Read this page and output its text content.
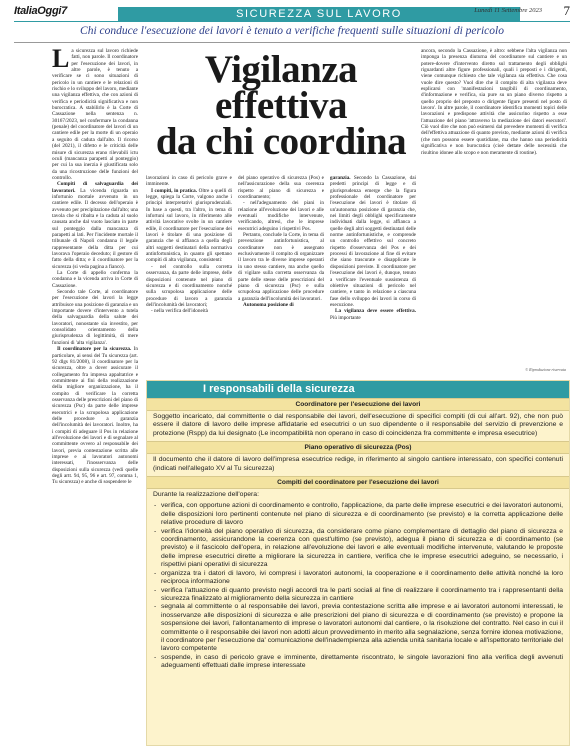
ItaliaOggi7	SICUREZZA SUL LAVORO	Lunedì 11 Settembre 2023 7
Chi conduce l'esecuzione dei lavori è tenuto a verifiche frequenti sulle situazioni di pericolo

La sicurezza sul lavoro richiede fatti, non parole. Il coordinatore per l'esecuzione dei lavori, in altre parole, è tenuto a verificare se ci sono situazioni di pericolo in un cantiere e le relazioni di rischio e lo sviluppo del lavoro, mediante una vigilanza effettiva, che con azioni di verifica e periodicità significativa e non burocratica. A stabilirlo è la Corte di Cassazione nella sentenza n. 30167/2023, nel confermare la condanna (penale) del coordinatore del lavori di un cantiere edile per la morte di un operaio a seguito di caduta dall'alto. Il ricorso (del 2021), il difetto e le criticità delle misure di sicurezza erano rilevabili ictu oculi (mancanza parapetti al ponteggio) per cui la sua inerzia è giustificata solo da una ricostruzione delle funzioni del controllo.

Compiti di salvaguardia dei lavoratori. La vicenda riguarda un infortunio mortale avvenuto in un cantiere edile. Il decesso dell'operaio è avvenuto per precipitazione dall'alto; una tavola che si ribalta e la caduta al suolo causata anche dal vuoto lasciato in parte sul ponteggio dalla mancanza di parapetti ai lati. Per l'incidente mortale il tribunale di Napoli condanna il legale rappresentante della ditta per cui lavorava l'operaio deceduto; il gestore di fatto della ditta; e il coordinatore per la sicurezza (si veda pagina a fianco).

La Corte di appello conferma la condanna e la vicenda arriva in Corte di Cassazione.

Secondo tale Corte, al coordinatore per l'esecuzione dei lavori la legge attribuisce una posizione di garanzia e un importante dovere d'intervento a tutela della salvaguardia della salute dei lavoratori, nonostante sia investito, per consolidato orientamento della giurisprudenza di legittimità, di mere funzioni di 'alta vigilanza'.

Il coordinatore per la sicurezza. In particolare, ai sensi del Tu sicurezza (art. 92 dlgs 81/2008), il coordinatore per la sicurezza, oltre a dover assicurare il collegamento fra impresa appaltatrice e committente ai fini della realizzazione della migliore organizzazione, ha il compito di verificare la corretta osservanza delle prescrizioni del piano di sicurezza (Psc) da parte delle imprese esecutrici e la scrupolosa applicazione delle procedure a garanzia dell'incolumità dei lavoratori. Inoltre, ha i compiti di adeguare il Pos in relazione all'evoluzione dei lavori e di segnalare al committente ovvero al responsabile dei lavori, previa contestazione scritta alle imprese e ai lavoratori autonomi interessati, l'inosservanza delle disposizioni sulla sicurezza (vedi quelle degli artt. 94, 95, 96 e art. 97, comma 1, Tu sicurezza) e anche di sospendere le

Vigilanza effettiva
da chi coordina

lavorazioni in caso di pericolo grave e imminente.

I compiti, in pratica. Oltre a quelli di legge, spiega la Corte, valgono anche i principi interpretativi giurisprudenziali. In base a questi, tra l'altro, in tema di infortuni sul lavoro, in riferimento alle attività lavorative svolte in un cantiere edile, il coordinatore per l'esecuzione dei lavori è titolare di una posizione di garanzia che si affianca a quella degli altri soggetti destinatari della normativa antinfortunistica, in quanto gli spettano compiti di alta vigilanza, consistenti:

- nel controllo sulla corretta osservanza, da parte delle imprese, delle disposizioni contenute nel piano di sicurezza e di coordinamento nonché sulla scrupolosa applicazione delle procedure di lavoro a garanzia dell'incolumità dei lavoratori;

- nella verifica dell'idoneità

del piano operativo di sicurezza (Pos) e nell'assicurazione della sua coerenza rispetto al piano di sicurezza e coordinamento;

- nell'adeguamento dei piani in relazione all'evoluzione dei lavori e alle eventuali modifiche intervenute, verificando, altresì, che le imprese esecutrici adeguino i rispettivi Pos.

Pertanto, conclude la Corte, in tema di prevenzione antinfortunistica, al coordinatore non è assegnato esclusivamente il compito di organizzare il lavoro tra le diverse imprese operanti in uno stesso cantiere, ma anche quello di vigilare sulla corretta osservanza da parte delle stesse delle prescrizioni del piano di sicurezza (Psc) e sulla scrupolosa applicazione delle procedure a garanzia dell'incolumità dei lavoratori.

Autonoma posizione di

garanzia. Secondo la Cassazione, dai predetti principi di legge e di giurisprudenza emerge che la figura professionale del coordinatore per l'esecuzione dei lavori è titolare di un'autonoma posizione di garanzia che, nei limiti degli obblighi specificamente individuati dalla legge, si affianca a quelle degli altri soggetti destinatari delle norme antinfortunistiche, e comprende un controllo effettivo sul concreto rispetto d'osservanza del Pos e dei processi di lavorazione al fine di evitare che siano trascurate e disapplicate le disposizioni previste. Il coordinatore per l'esecuzione dei lavori è, dunque, tenuto a verificare l'eventuale sussistenza di obiettive situazioni di pericolo nel cantiere, e tanto in relazione a ciascuna fase dello sviluppo dei lavori in corso di esecuzione.

La vigilanza deve essere effettiva. Più importante

ancora, secondo la Cassazione, è altro: sebbene l'alta vigilanza non imponga la presenza diuturna del coordinatore sul cantiere e un potere-dovere d'intervento diretto sul trattamento degli obblighi riguardanti altre figure professionali, quali i preposti e i dirigenti, viene comunque richiesto che tale vigilanza sia effettiva. Che cosa vuole dire questo? Vuol dire che il compito di alta vigilanza deve esplicarsi con 'manifestazioni tangibili di coordinamento, d'informazione e verifica, sia pure su un piano diverso rispetto a quello proprio del preposto o dirigente figure presenti nel posto di lavoro'. In altre parole, il coordinatore identifica momenti topici delle lavorazioni e predispone attività che assicurino rispetto a esse l'attuazione del piano 'attraverso la mediazione dei datori esecutori'. Ciò vuol dire che non può esimersi dal prevedere momenti di verifica dell'effettiva attuazione di quanto previsto, mediante azioni di verifica (che non possono essere quotidiane, ma che hanno una periodicità significativa e non burocratica (cioè dettate delle necessità che risultino idonee allo scopo e non meramente di routine).

© Riproduzione riservata
I responsabili della sicurezza
Coordinatore per l'esecuzione dei lavori
Soggetto incaricato, dal committente o dal responsabile dei lavori, dell'esecuzione di specifici compiti (di cui all'art. 92), che non può essere il datore di lavoro delle imprese affidatarie ed esecutrici o un suo dipendente o il responsabile del servizio di prevenzione e protezione (Rspp) da lui designato (Le incompatibilità non operano in caso di coincidenza fra committente e impresa esecutrice)
Piano operativo di sicurezza (Pos)
Il documento che il datore di lavoro dell'impresa esecutrice redige, in riferimento al singolo cantiere interessato, con specifici contenuti (indicati nell'allegato XV al Tu sicurezza)
Compiti del coordinatore per l'esecuzione dei lavori
Durante la realizzazione dell'opera:
- verifica, con opportune azioni di coordinamento e controllo, l'applicazione, da parte delle imprese esecutrici e dei lavoratori autonomi, delle disposizioni loro pertinenti contenute nel piano di sicurezza e di coordinamento (se previsto) e la corretta applicazione delle relative procedure di lavoro
- verifica l'idoneità del piano operativo di sicurezza, da considerare come piano complementare di dettaglio del piano di sicurezza e coordinamento, assicurandone la coerenza con quest'ultimo (se previsto), adegua il piano di sicurezza e di coordinamento (se previsto) e il fascicolo dell'opera, in relazione all'evoluzione dei lavori e alle eventuali modifiche intervenute, valutando le proposte delle imprese esecutrici dirette a migliorare la sicurezza in cantiere, verifica che le imprese esecutrici adeguino, se necessario, i rispettivi piani operativi di sicurezza
- organizza tra i datori di lavoro, ivi compresi i lavoratori autonomi, la cooperazione e il coordinamento delle attività nonché la loro reciproca informazione
- verifica l'attuazione di quanto previsto negli accordi tra le parti sociali al fine di realizzare il coordinamento tra i rappresentanti della sicurezza finalizzato al miglioramento della sicurezza in cantiere
- segnala al committente o al responsabile dei lavori, previa contestazione scritta alle imprese e ai lavoratori autonomi interessati, le inosservanze alle disposizioni di sicurezza e alle prescrizioni del piano di sicurezza e di coordinamento (se previsto) e propone la sospensione dei lavori, l'allontanamento di imprese o lavoratori autonomi dal cantiere, o la risoluzione del contratto. Nel caso in cui il committente o il responsabile dei lavori non adotti alcun provvedimento in merito alla segnalazione, senza fornire idonea motivazione, il coordinatore per l'esecuzione da' comunicazione dell'inadempienza alla azienda unità sanitaria locale e all'ispettorato territoriale del lavoro competente
- sospende, in caso di pericolo grave e imminente, direttamente riscontrato, le singole lavorazioni fino alla verifica degli avvenuti adeguamenti effettuati dalle imprese interessate
